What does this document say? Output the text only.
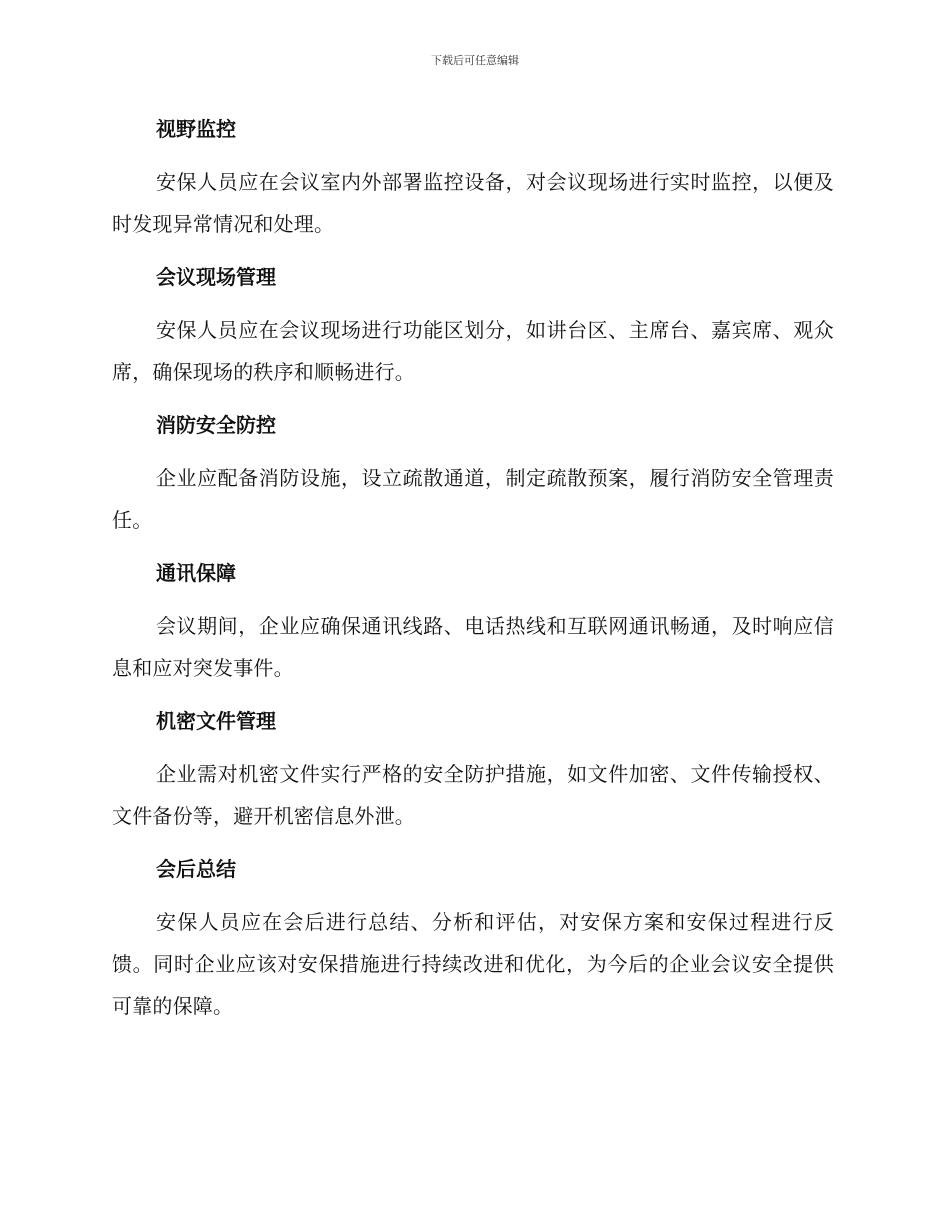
下载后可任意编辑
视野监控

安保人员应在会议室内外部署监控设备，对会议现场进行实时监控，以便及时发现异常情况和处理。

会议现场管理

安保人员应在会议现场进行功能区划分，如讲台区、主席台、嘉宾席、观众席，确保现场的秩序和顺畅进行。

消防安全防控

企业应配备消防设施，设立疏散通道，制定疏散预案，履行消防安全管理责任。

通讯保障

会议期间，企业应确保通讯线路、电话热线和互联网通讯畅通，及时响应信息和应对突发事件。

机密文件管理

企业需对机密文件实行严格的安全防护措施，如文件加密、文件传输授权、文件备份等，避开机密信息外泄。

会后总结

安保人员应在会后进行总结、分析和评估，对安保方案和安保过程进行反馈。同时企业应该对安保措施进行持续改进和优化，为今后的企业会议安全提供可靠的保障。
